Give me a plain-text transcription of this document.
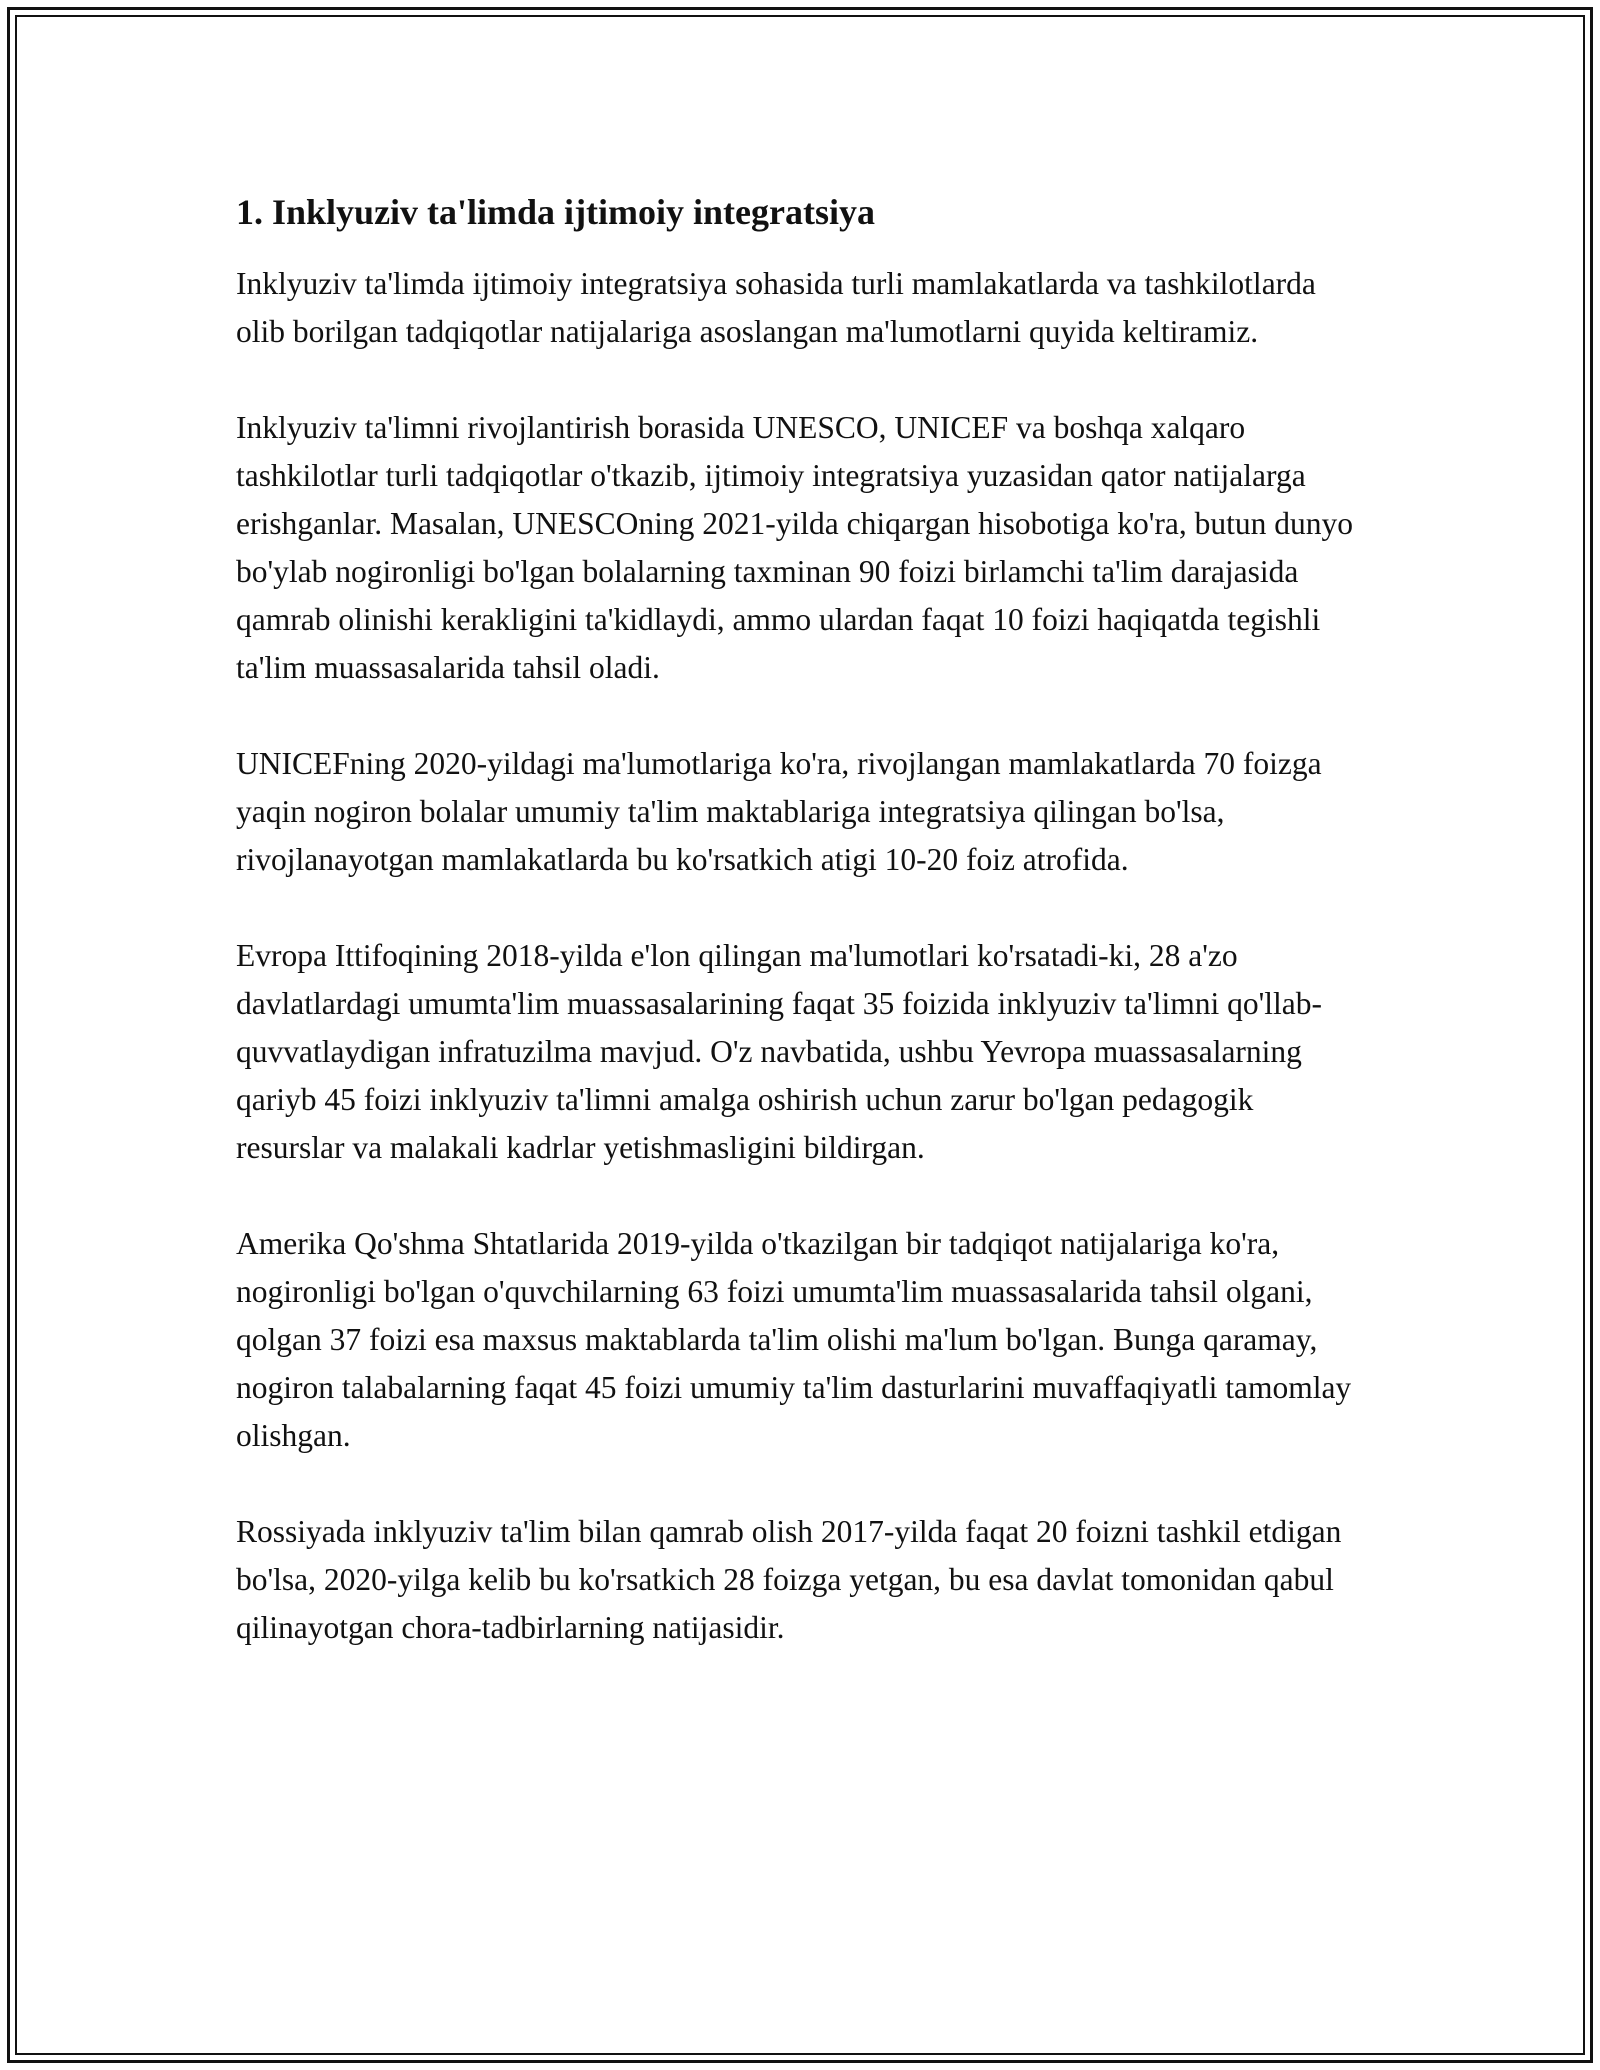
1. Inklyuziv ta'limda ijtimoiy integratsiya

Inklyuziv ta'limda ijtimoiy integratsiya sohasida turli mamlakatlarda va tashkilotlarda olib borilgan tadqiqotlar natijalariga asoslangan ma'lumotlarni quyida keltiramiz.

Inklyuziv ta'limni rivojlantirish borasida UNESCO, UNICEF va boshqa xalqaro tashkilotlar turli tadqiqotlar o'tkazib, ijtimoiy integratsiya yuzasidan qator natijalarga erishganlar. Masalan, UNESCOning 2021-yilda chiqargan hisobotiga ko'ra, butun dunyo bo'ylab nogironligi bo'lgan bolalarning taxminan 90 foizi birlamchi ta'lim darajasida qamrab olinishi kerakligini ta'kidlaydi, ammo ulardan faqat 10 foizi haqiqatda tegishli ta'lim muassasalarida tahsil oladi.

UNICEFning 2020-yildagi ma'lumotlariga ko'ra, rivojlangan mamlakatlarda 70 foizga yaqin nogiron bolalar umumiy ta'lim maktablariga integratsiya qilingan bo'lsa, rivojlanayotgan mamlakatlarda bu ko'rsatkich atigi 10-20 foiz atrofida.

Evropa Ittifoqining 2018-yilda e'lon qilingan ma'lumotlari ko'rsatadi-ki, 28 a'zo davlatlardagi umumta'lim muassasalarining faqat 35 foizida inklyuziv ta'limni qo'llab-quvvatlaydigan infratuzilma mavjud. O'z navbatida, ushbu Yevropa muassasalarning qariyb 45 foizi inklyuziv ta'limni amalga oshirish uchun zarur bo'lgan pedagogik resurslar va malakali kadrlar yetishmasligini bildirgan.

Amerika Qo'shma Shtatlarida 2019-yilda o'tkazilgan bir tadqiqot natijalariga ko'ra, nogironligi bo'lgan o'quvchilarning 63 foizi umumta'lim muassasalarida tahsil olgani, qolgan 37 foizi esa maxsus maktablarda ta'lim olishi ma'lum bo'lgan. Bunga qaramay, nogiron talabalarning faqat 45 foizi umumiy ta'lim dasturlarini muvaffaqiyatli tamomlay olishgan.

Rossiyada inklyuziv ta'lim bilan qamrab olish 2017-yilda faqat 20 foizni tashkil etdigan bo'lsa, 2020-yilga kelib bu ko'rsatkich 28 foizga yetgan, bu esa davlat tomonidan qabul qilinayotgan chora-tadbirlarning natijasidir.
